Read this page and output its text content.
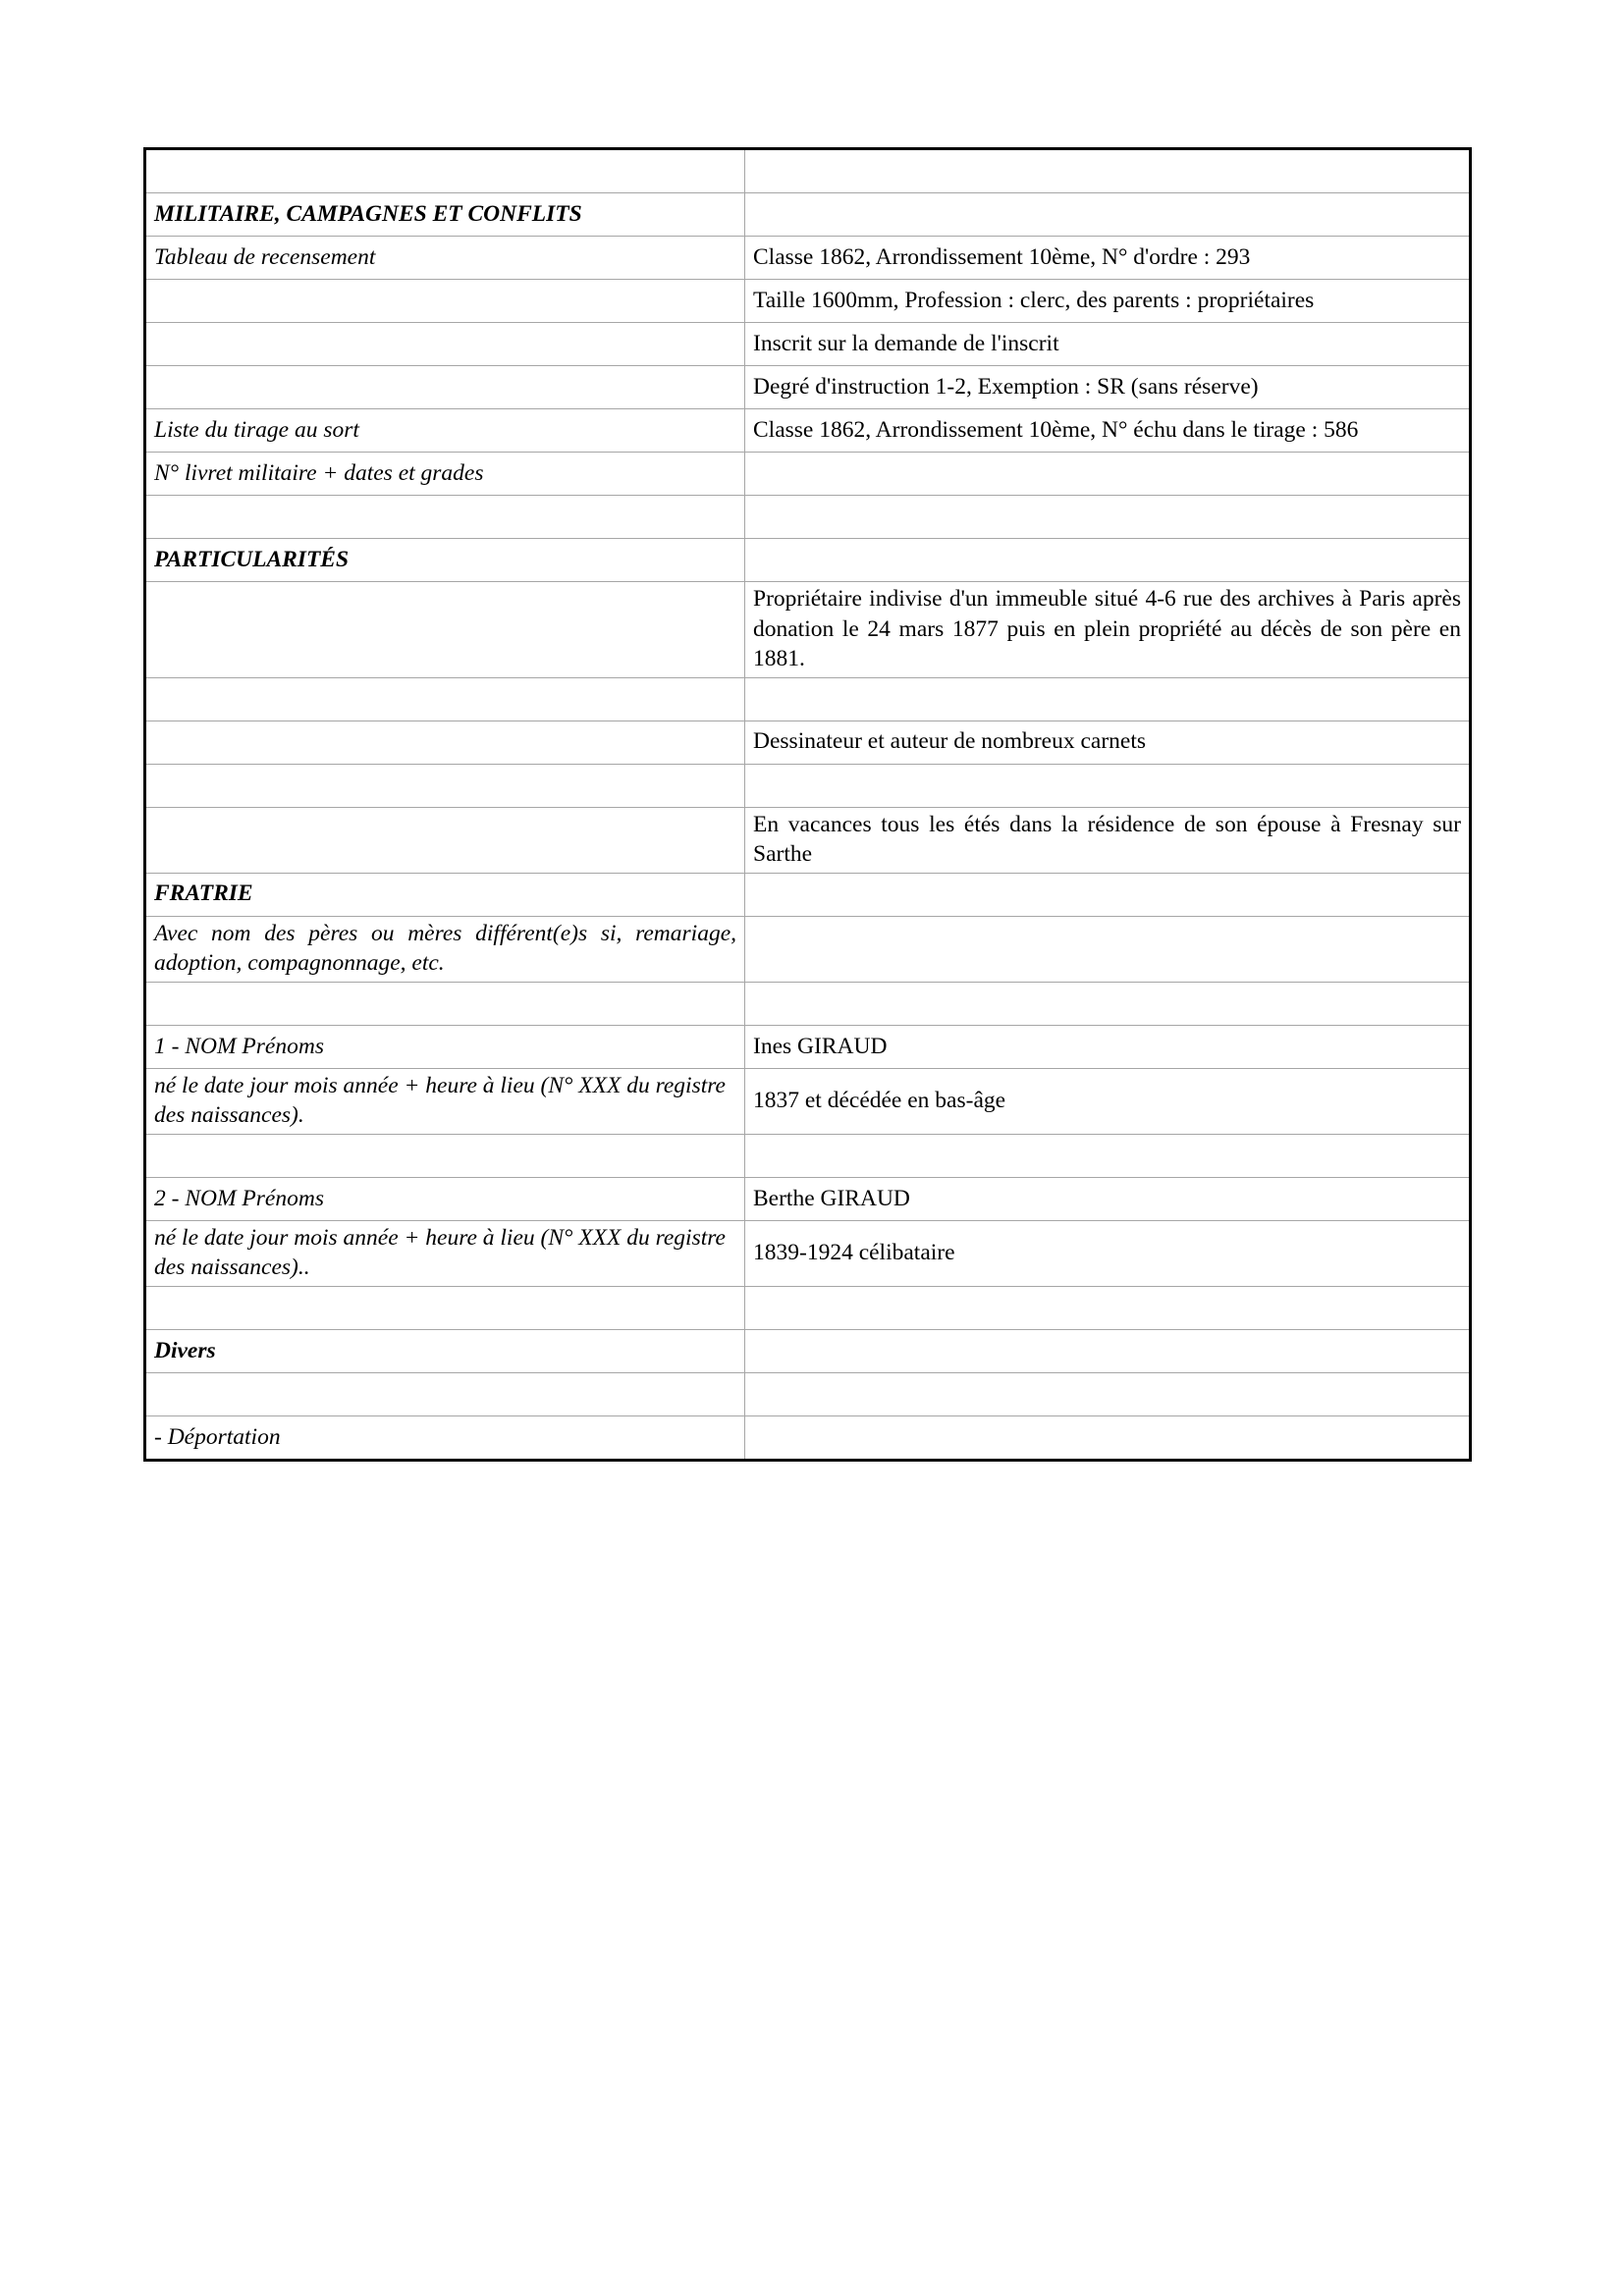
MILITAIRE, CAMPAGNES ET CONFLITS	
Tableau de recensement	Classe 1862, Arrondissement 10ème, N° d'ordre : 293
	Taille 1600mm, Profession : clerc, des parents : propriétaires
	Inscrit sur la demande de l'inscrit
	Degré d'instruction 1-2, Exemption : SR (sans réserve)
Liste du tirage au sort	Classe 1862, Arrondissement 10ème, N° échu dans le tirage : 586
N° livret militaire + dates et grades	

PARTICULARITÉS	
	Propriétaire indivise d'un immeuble situé 4-6 rue des archives à Paris après donation le 24 mars 1877 puis en plein propriété au décès de son père en 1881.

	Dessinateur et auteur de nombreux carnets

	En vacances tous les étés dans la résidence de son épouse à Fresnay sur Sarthe
FRATRIE	
Avec nom des pères ou mères différent(e)s si, remariage, adoption, compagnonnage, etc.	

1 - NOM Prénoms	Ines GIRAUD
né le date jour mois année + heure à lieu (N° XXX du registre des naissances).	1837 et décédée en bas-âge

2 - NOM Prénoms	Berthe GIRAUD
né le date jour mois année + heure à lieu (N° XXX du registre des naissances)..	1839-1924 célibataire

Divers	

- Déportation	
